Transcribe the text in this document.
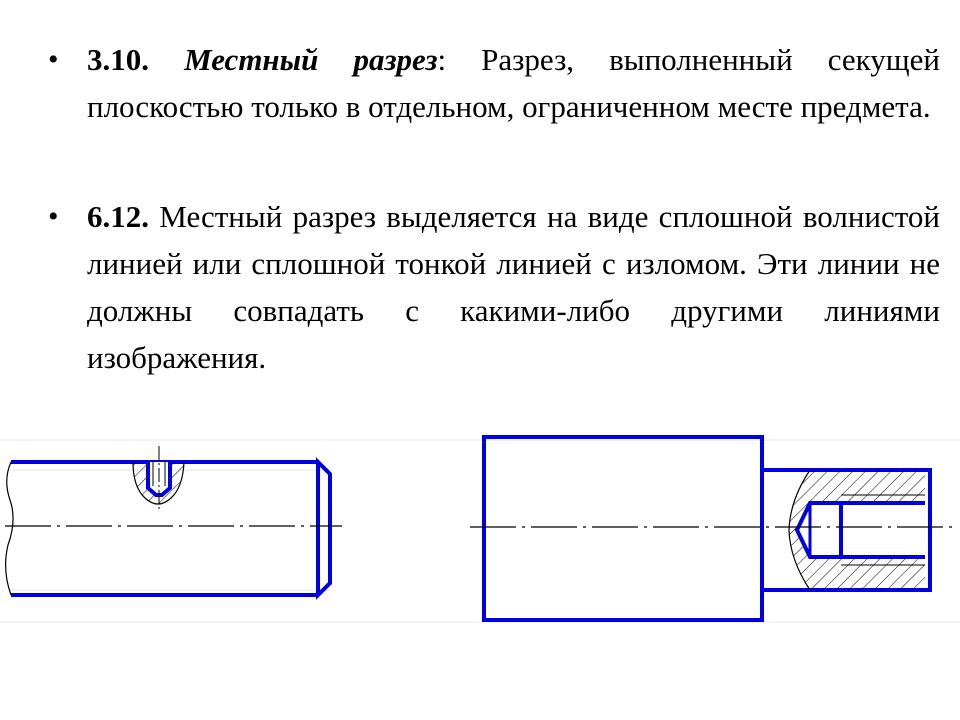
• 3.10. Местный разрез: Разрез, выполненный секущей плоскостью только в отдельном, ограниченном месте предмета.
• 6.12. Местный разрез выделяется на виде сплошной волнистой линией или сплошной тонкой линией с изломом. Эти линии не должны совпадать с какими-либо другими линиями изображения.
